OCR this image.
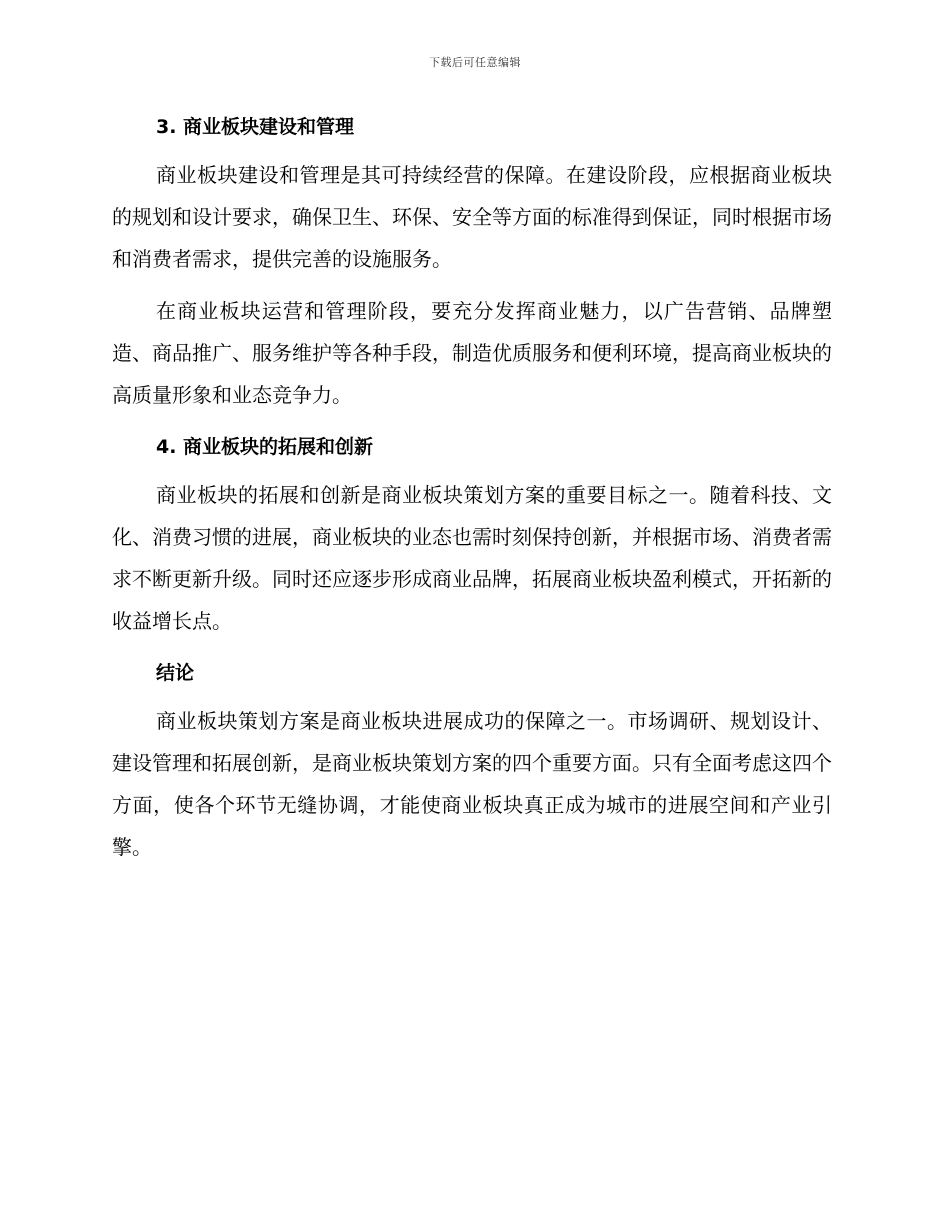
下载后可任意编辑
3. 商业板块建设和管理

商业板块建设和管理是其可持续经营的保障。在建设阶段，应根据商业板块的规划和设计要求，确保卫生、环保、安全等方面的标准得到保证，同时根据市场和消费者需求，提供完善的设施服务。

在商业板块运营和管理阶段，要充分发挥商业魅力，以广告营销、品牌塑造、商品推广、服务维护等各种手段，制造优质服务和便利环境，提高商业板块的高质量形象和业态竞争力。

4. 商业板块的拓展和创新

商业板块的拓展和创新是商业板块策划方案的重要目标之一。随着科技、文化、消费习惯的进展，商业板块的业态也需时刻保持创新，并根据市场、消费者需求不断更新升级。同时还应逐步形成商业品牌，拓展商业板块盈利模式，开拓新的收益增长点。

结论

商业板块策划方案是商业板块进展成功的保障之一。市场调研、规划设计、建设管理和拓展创新，是商业板块策划方案的四个重要方面。只有全面考虑这四个方面，使各个环节无缝协调，才能使商业板块真正成为城市的进展空间和产业引擎。
